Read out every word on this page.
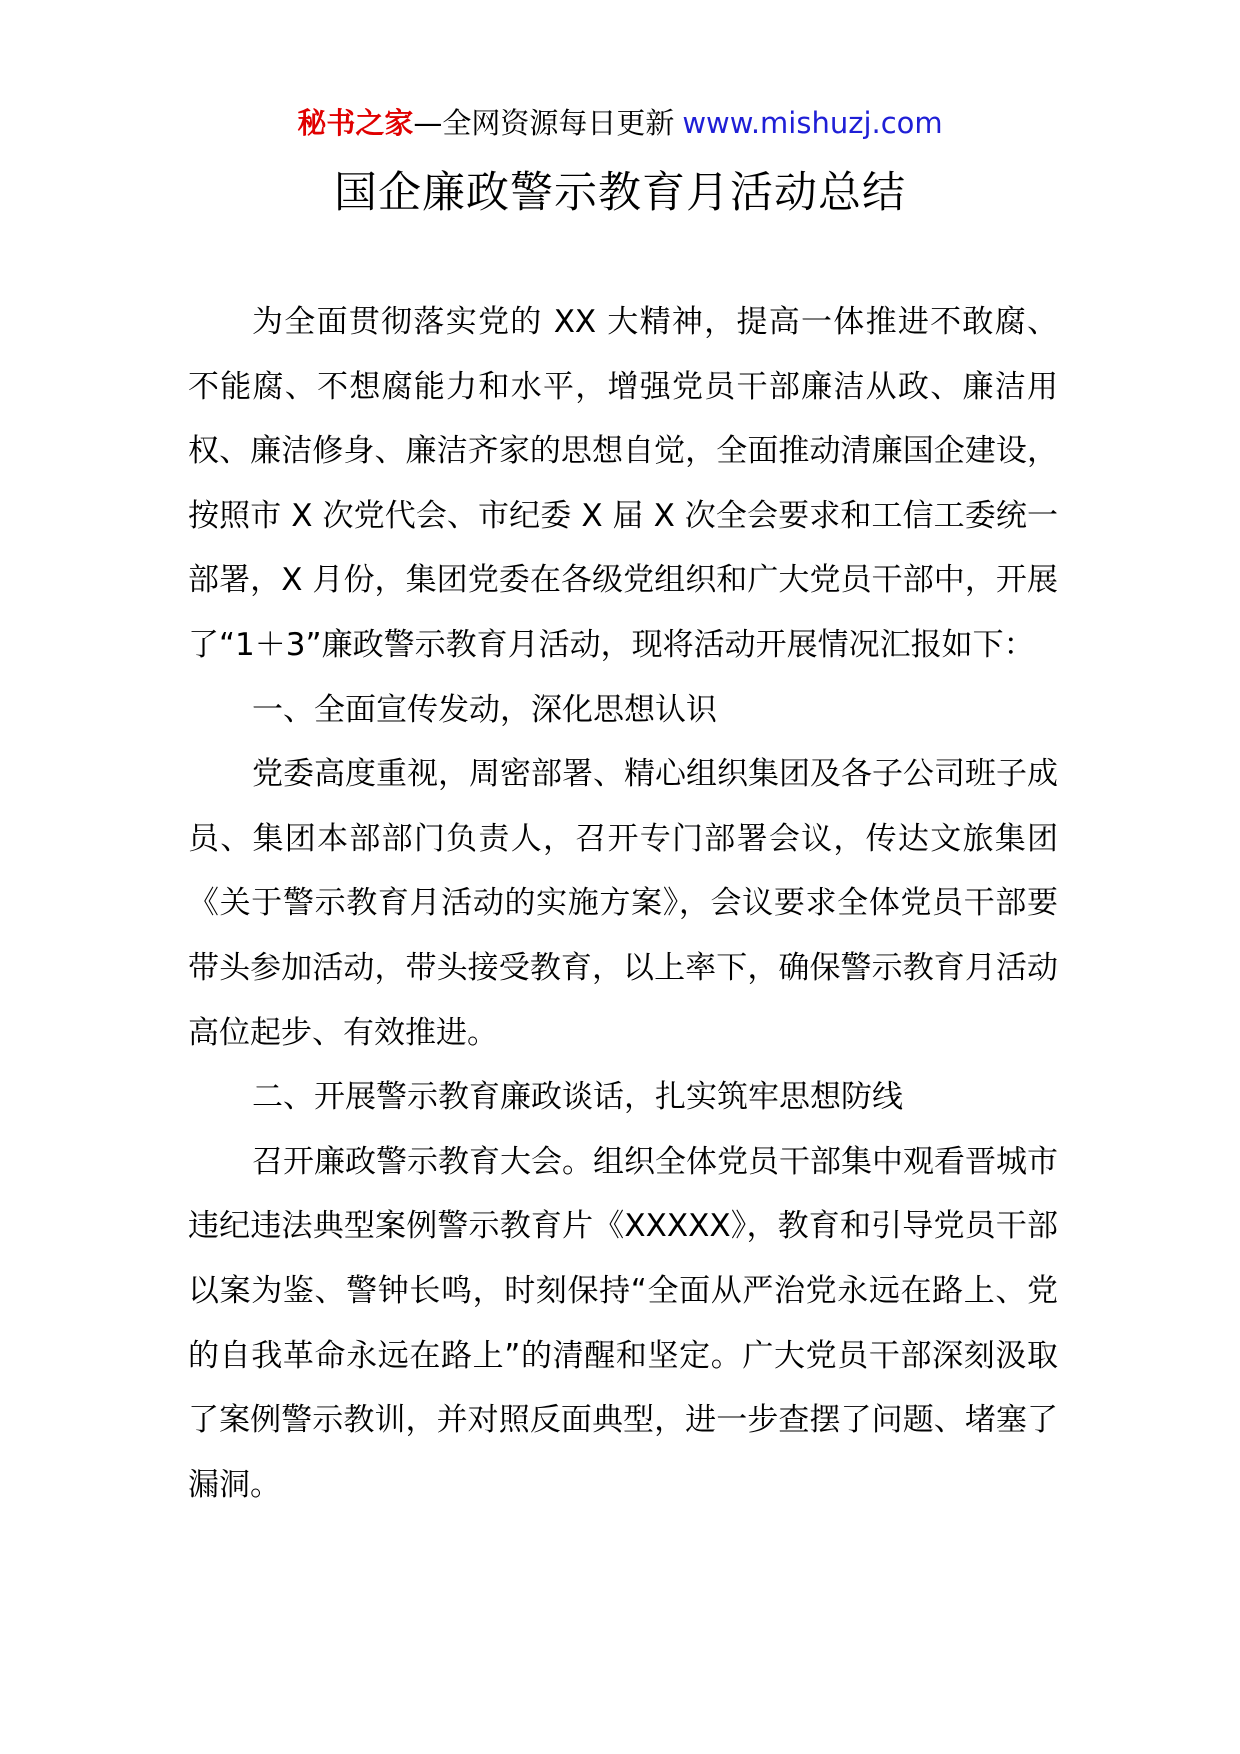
秘书之家—全网资源每日更新 www.mishuzj.com
国企廉政警示教育月活动总结

为全面贯彻落实党的 XX 大精神，提高一体推进不敢腐、不能腐、不想腐能力和水平，增强党员干部廉洁从政、廉洁用权、廉洁修身、廉洁齐家的思想自觉，全面推动清廉国企建设，按照市 X 次党代会、市纪委 X 届 X 次全会要求和工信工委统一部署，X 月份，集团党委在各级党组织和广大党员干部中，开展了“1＋3”廉政警示教育月活动，现将活动开展情况汇报如下：

一、全面宣传发动，深化思想认识

党委高度重视，周密部署、精心组织集团及各子公司班子成员、集团本部部门负责人，召开专门部署会议，传达文旅集团《关于警示教育月活动的实施方案》，会议要求全体党员干部要带头参加活动，带头接受教育，以上率下，确保警示教育月活动高位起步、有效推进。

二、开展警示教育廉政谈话，扎实筑牢思想防线

召开廉政警示教育大会。组织全体党员干部集中观看晋城市违纪违法典型案例警示教育片《XXXXX》，教育和引导党员干部以案为鉴、警钟长鸣，时刻保持“全面从严治党永远在路上、党的自我革命永远在路上”的清醒和坚定。广大党员干部深刻汲取了案例警示教训，并对照反面典型，进一步查摆了问题、堵塞了漏洞。
